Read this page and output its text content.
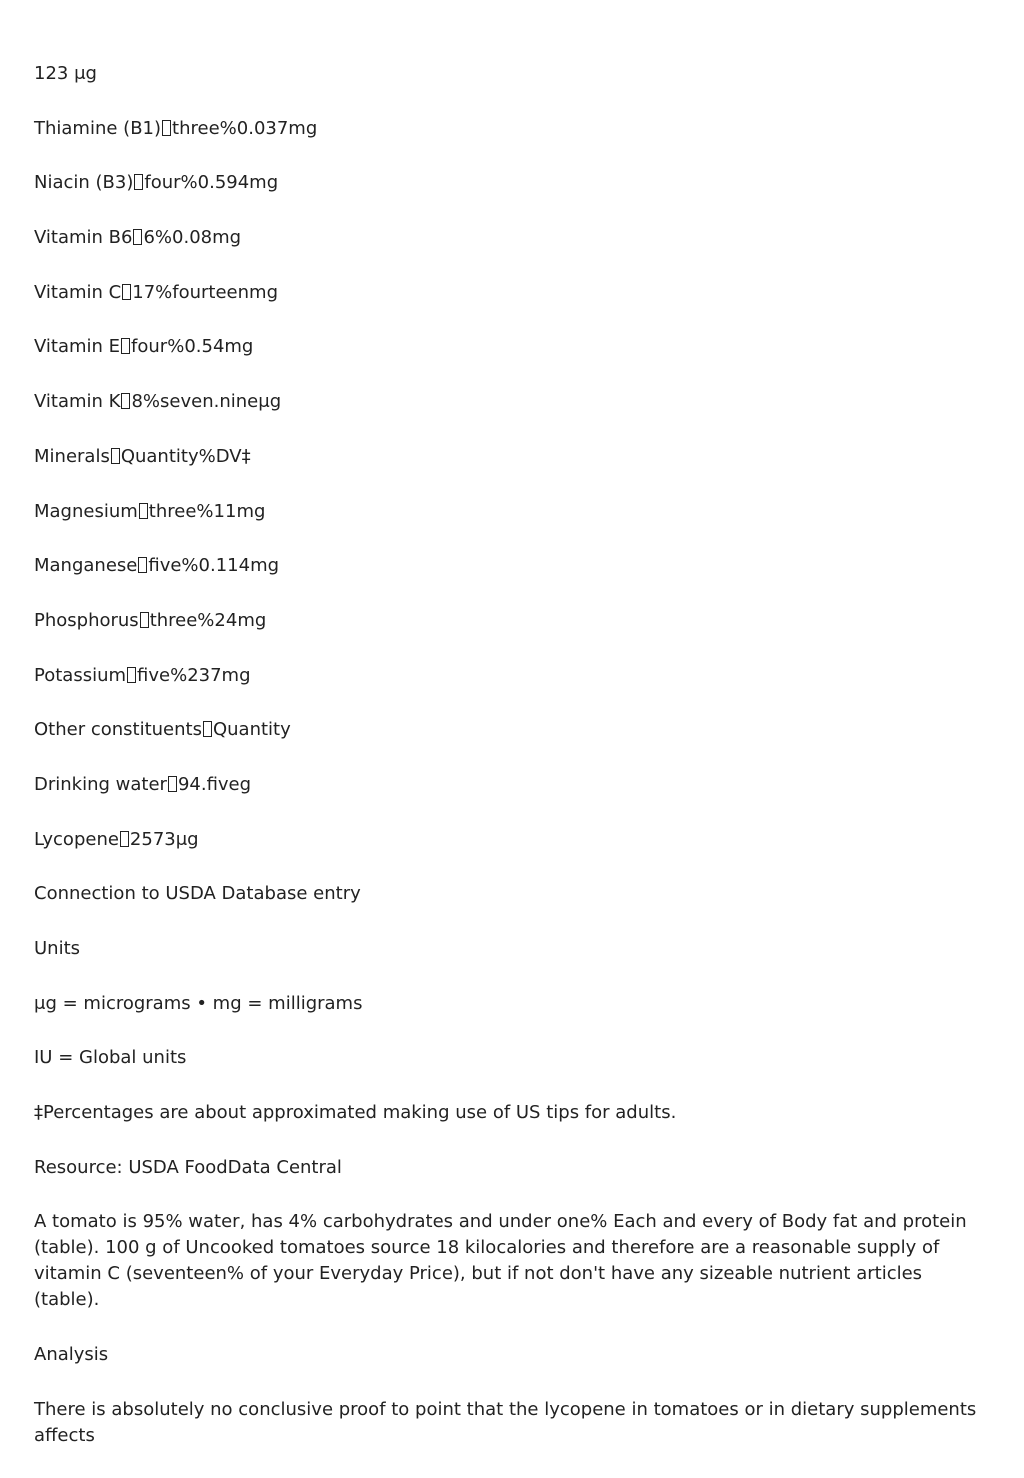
123 μg
Thiamine (B1) three%0.037mg
Niacin (B3) four%0.594mg
Vitamin B6 6%0.08mg
Vitamin C 17%fourteenmg
Vitamin E four%0.54mg
Vitamin K 8%seven.nineμg
Minerals Quantity%DV‡
Magnesium three%11mg
Manganese five%0.114mg
Phosphorus three%24mg
Potassium five%237mg
Other constituents Quantity
Drinking water 94.fiveg
Lycopene 2573μg
Connection to USDA Database entry
Units
μg = micrograms • mg = milligrams
IU = Global units
‡Percentages are about approximated making use of US tips for adults.
Resource: USDA FoodData Central
A tomato is 95% water, has 4% carbohydrates and under one% Each and every of Body fat and protein (table). 100 g of Uncooked tomatoes source 18 kilocalories and therefore are a reasonable supply of vitamin C (seventeen% of your Everyday Price), but if not don't have any sizeable nutrient articles (table).
Analysis
There is absolutely no conclusive proof to point that the lycopene in tomatoes or in dietary supplements affects
